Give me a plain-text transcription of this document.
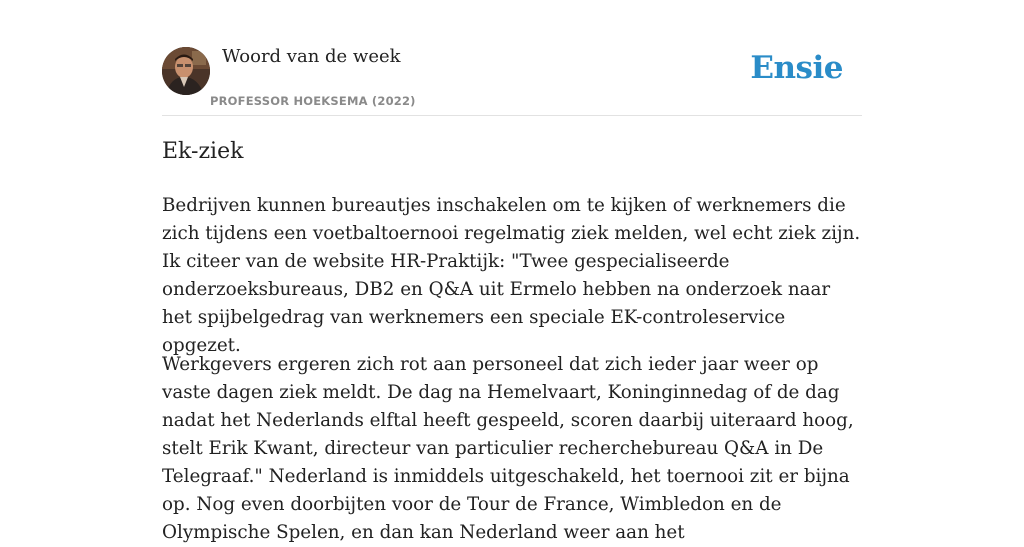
Woord van de week
PROFESSOR HOEKSEMA (2022)
Ensie
Ek-ziek

Bedrijven kunnen bureautjes inschakelen om te kijken of werknemers die zich tijdens een voetbaltoernooi regelmatig ziek melden, wel echt ziek zijn. Ik citeer van de website HR-Praktijk: "Twee gespecialiseerde onderzoeksbureaus, DB2 en Q&A uit Ermelo hebben na onderzoek naar het spijbelgedrag van werknemers een speciale EK-controleservice opgezet.

Werkgevers ergeren zich rot aan personeel dat zich ieder jaar weer op vaste dagen ziek meldt. De dag na Hemelvaart, Koninginnedag of de dag nadat het Nederlands elftal heeft gespeeld, scoren daarbij uiteraard hoog, stelt Erik Kwant, directeur van particulier recherchebureau Q&A in De Telegraaf." Nederland is inmiddels uitgeschakeld, het toernooi zit er bijna op. Nog even doorbijten voor de Tour de France, Wimbledon en de Olympische Spelen, en dan kan Nederland weer aan het
